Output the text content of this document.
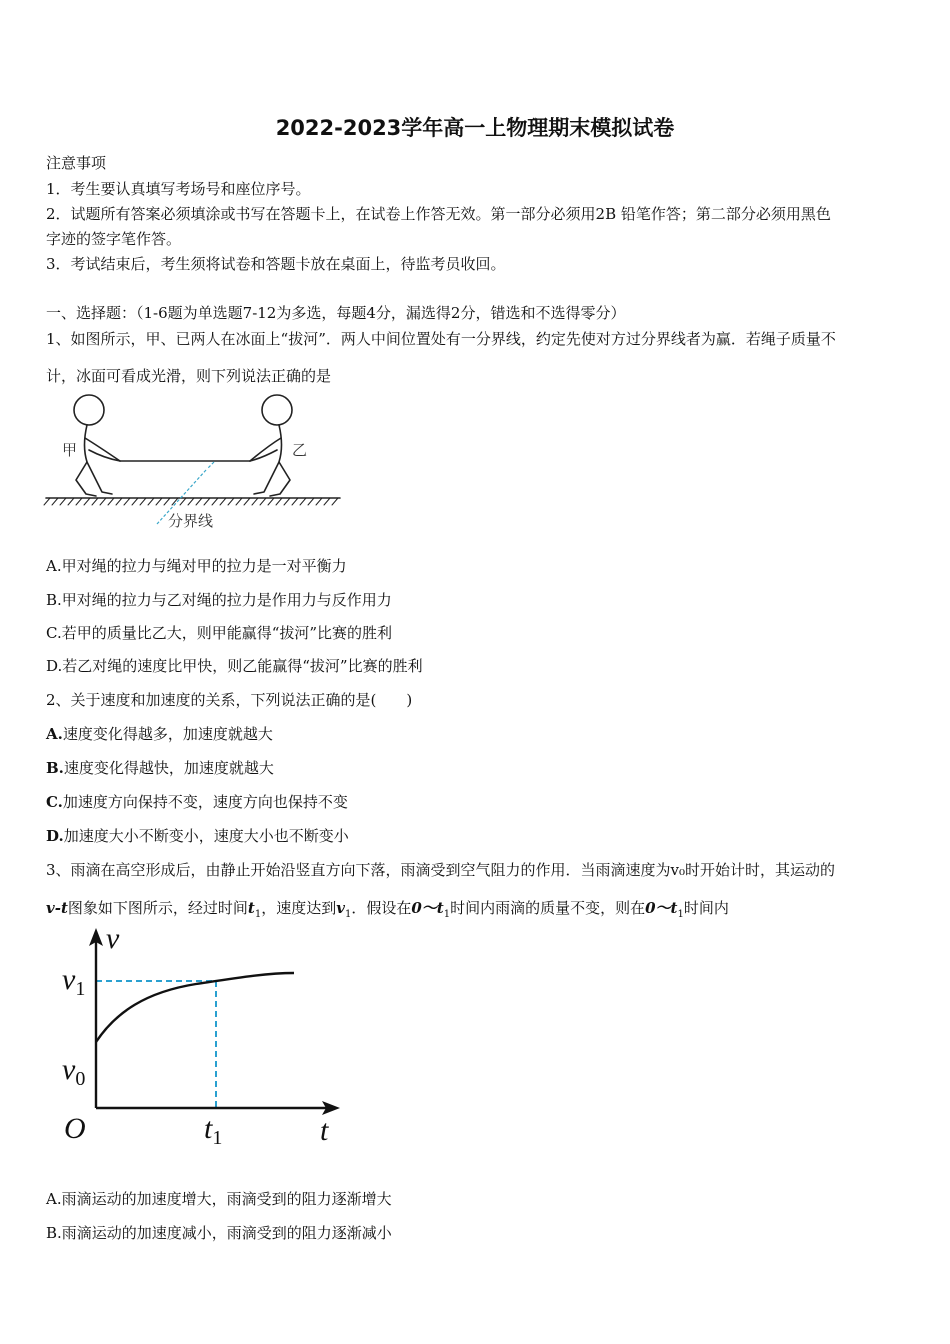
2022-2023学年高一上物理期末模拟试卷
注意事项
1．考生要认真填写考场号和座位序号。
2．试题所有答案必须填涂或书写在答题卡上，在试卷上作答无效。第一部分必须用2B 铅笔作答；第二部分必须用黑色
字迹的签字笔作答。
3．考试结束后，考生须将试卷和答题卡放在桌面上，待监考员收回。
一、选择题：（1-6题为单选题7-12为多选，每题4分，漏选得2分，错选和不选得零分）
1、如图所示，甲、已两人在冰面上“拔河”．两人中间位置处有一分界线，约定先使对方过分界线者为赢．若绳子质量不
计，冰面可看成光滑，则下列说法正确的是
甲	乙
分界线
A.甲对绳的拉力与绳对甲的拉力是一对平衡力
B.甲对绳的拉力与乙对绳的拉力是作用力与反作用力
C.若甲的质量比乙大，则甲能赢得“拔河”比赛的胜利
D.若乙对绳的速度比甲快，则乙能赢得“拔河”比赛的胜利
2、关于速度和加速度的关系，下列说法正确的是(　　)
A.速度变化得越多，加速度就越大
B.速度变化得越快，加速度就越大
C.加速度方向保持不变，速度方向也保持不变
D.加速度大小不断变小，速度大小也不断变小
3、雨滴在高空形成后，由静止开始沿竖直方向下落，雨滴受到空气阻力的作用．当雨滴速度为v₀时开始计时，其运动的
v-t图象如下图所示，经过时间$t_1$，速度达到$v_1$．假设在$0\sim t_1$时间内雨滴的质量不变，则在$0\sim t_1$时间内
v
t
O
$v_1$
$v_0$
$t_1$
A.雨滴运动的加速度增大，雨滴受到的阻力逐渐增大
B.雨滴运动的加速度减小，雨滴受到的阻力逐渐减小
